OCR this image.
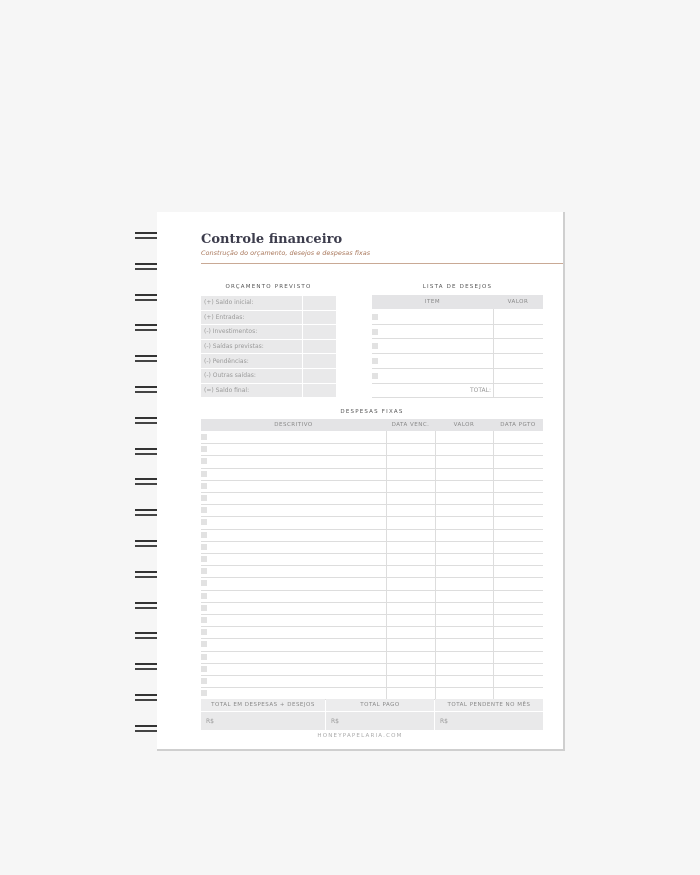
Controle financeiro
Construção do orçamento, desejos e despesas fixas
ORÇAMENTO PREVISTO
(+) Saldo inicial:
(+) Entradas:
(-) Investimentos:
(-) Saídas previstas:
(-) Pendências:
(-) Outras saídas:
(=) Saldo final:
LISTA DE DESEJOS
ITEM	VALOR
TOTAL:
DESPESAS FIXAS
DESCRITIVO	DATA VENC.	VALOR	DATA PGTO
TOTAL EM DESPESAS + DESEJOS	TOTAL PAGO	TOTAL PENDENTE NO MÊS
R$	R$	R$
HONEYPAPELARIA.COM
